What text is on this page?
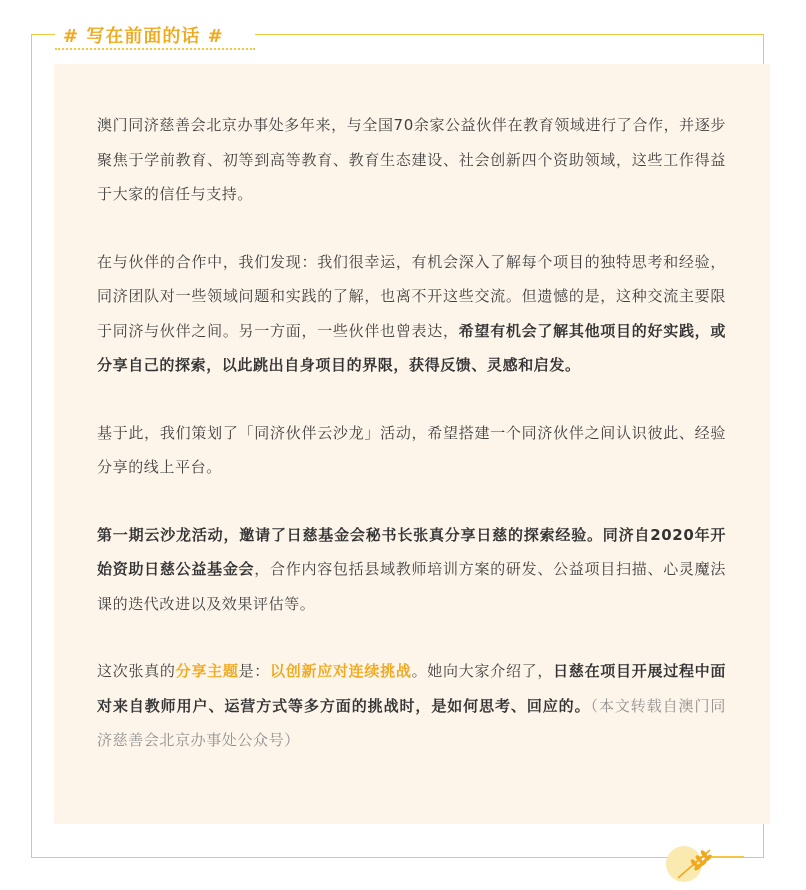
# 写在前面的话 #

澳门同济慈善会北京办事处多年来，与全国70余家公益伙伴在教育领域进行了合作，并逐步聚焦于学前教育、初等到高等教育、教育生态建设、社会创新四个资助领域，这些工作得益于大家的信任与支持。

在与伙伴的合作中，我们发现：我们很幸运，有机会深入了解每个项目的独特思考和经验，同济团队对一些领域问题和实践的了解，也离不开这些交流。但遗憾的是，这种交流主要限于同济与伙伴之间。另一方面，一些伙伴也曾表达，希望有机会了解其他项目的好实践，或分享自己的探索，以此跳出自身项目的界限，获得反馈、灵感和启发。

基于此，我们策划了「同济伙伴云沙龙」活动，希望搭建一个同济伙伴之间认识彼此、经验分享的线上平台。

第一期云沙龙活动，邀请了日慈基金会秘书长张真分享日慈的探索经验。同济自2020年开始资助日慈公益基金会，合作内容包括县域教师培训方案的研发、公益项目扫描、心灵魔法课的迭代改进以及效果评估等。

这次张真的分享主题是：以创新应对连续挑战。她向大家介绍了，日慈在项目开展过程中面对来自教师用户、运营方式等多方面的挑战时，是如何思考、回应的。（本文转载自澳门同济慈善会北京办事处公众号）
